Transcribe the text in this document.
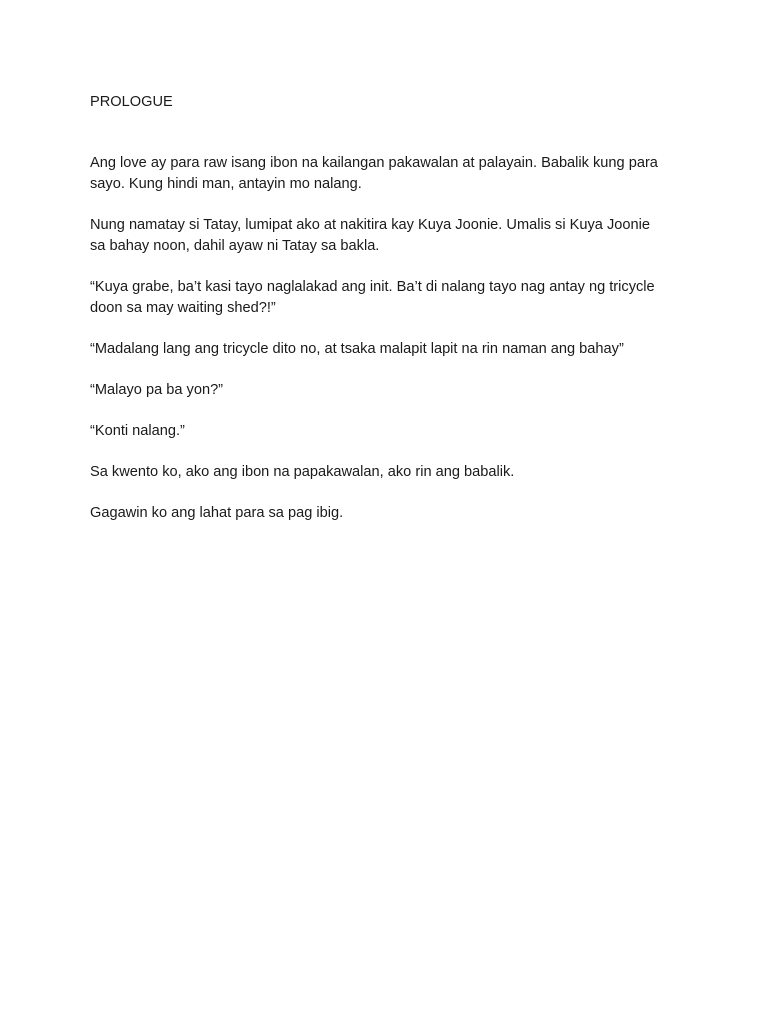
PROLOGUE

Ang love ay para raw isang ibon na kailangan pakawalan at palayain. Babalik kung para
sayo. Kung hindi man, antayin mo nalang.

Nung namatay si Tatay, lumipat ako at nakitira kay Kuya Joonie. Umalis si Kuya Joonie
sa bahay noon, dahil ayaw ni Tatay sa bakla.

“Kuya grabe, ba’t kasi tayo naglalakad ang init. Ba’t di nalang tayo nag antay ng tricycle
doon sa may waiting shed?!”

“Madalang lang ang tricycle dito no, at tsaka malapit lapit na rin naman ang bahay”

“Malayo pa ba yon?”

“Konti nalang.”

Sa kwento ko, ako ang ibon na papakawalan, ako rin ang babalik.

Gagawin ko ang lahat para sa pag ibig.
